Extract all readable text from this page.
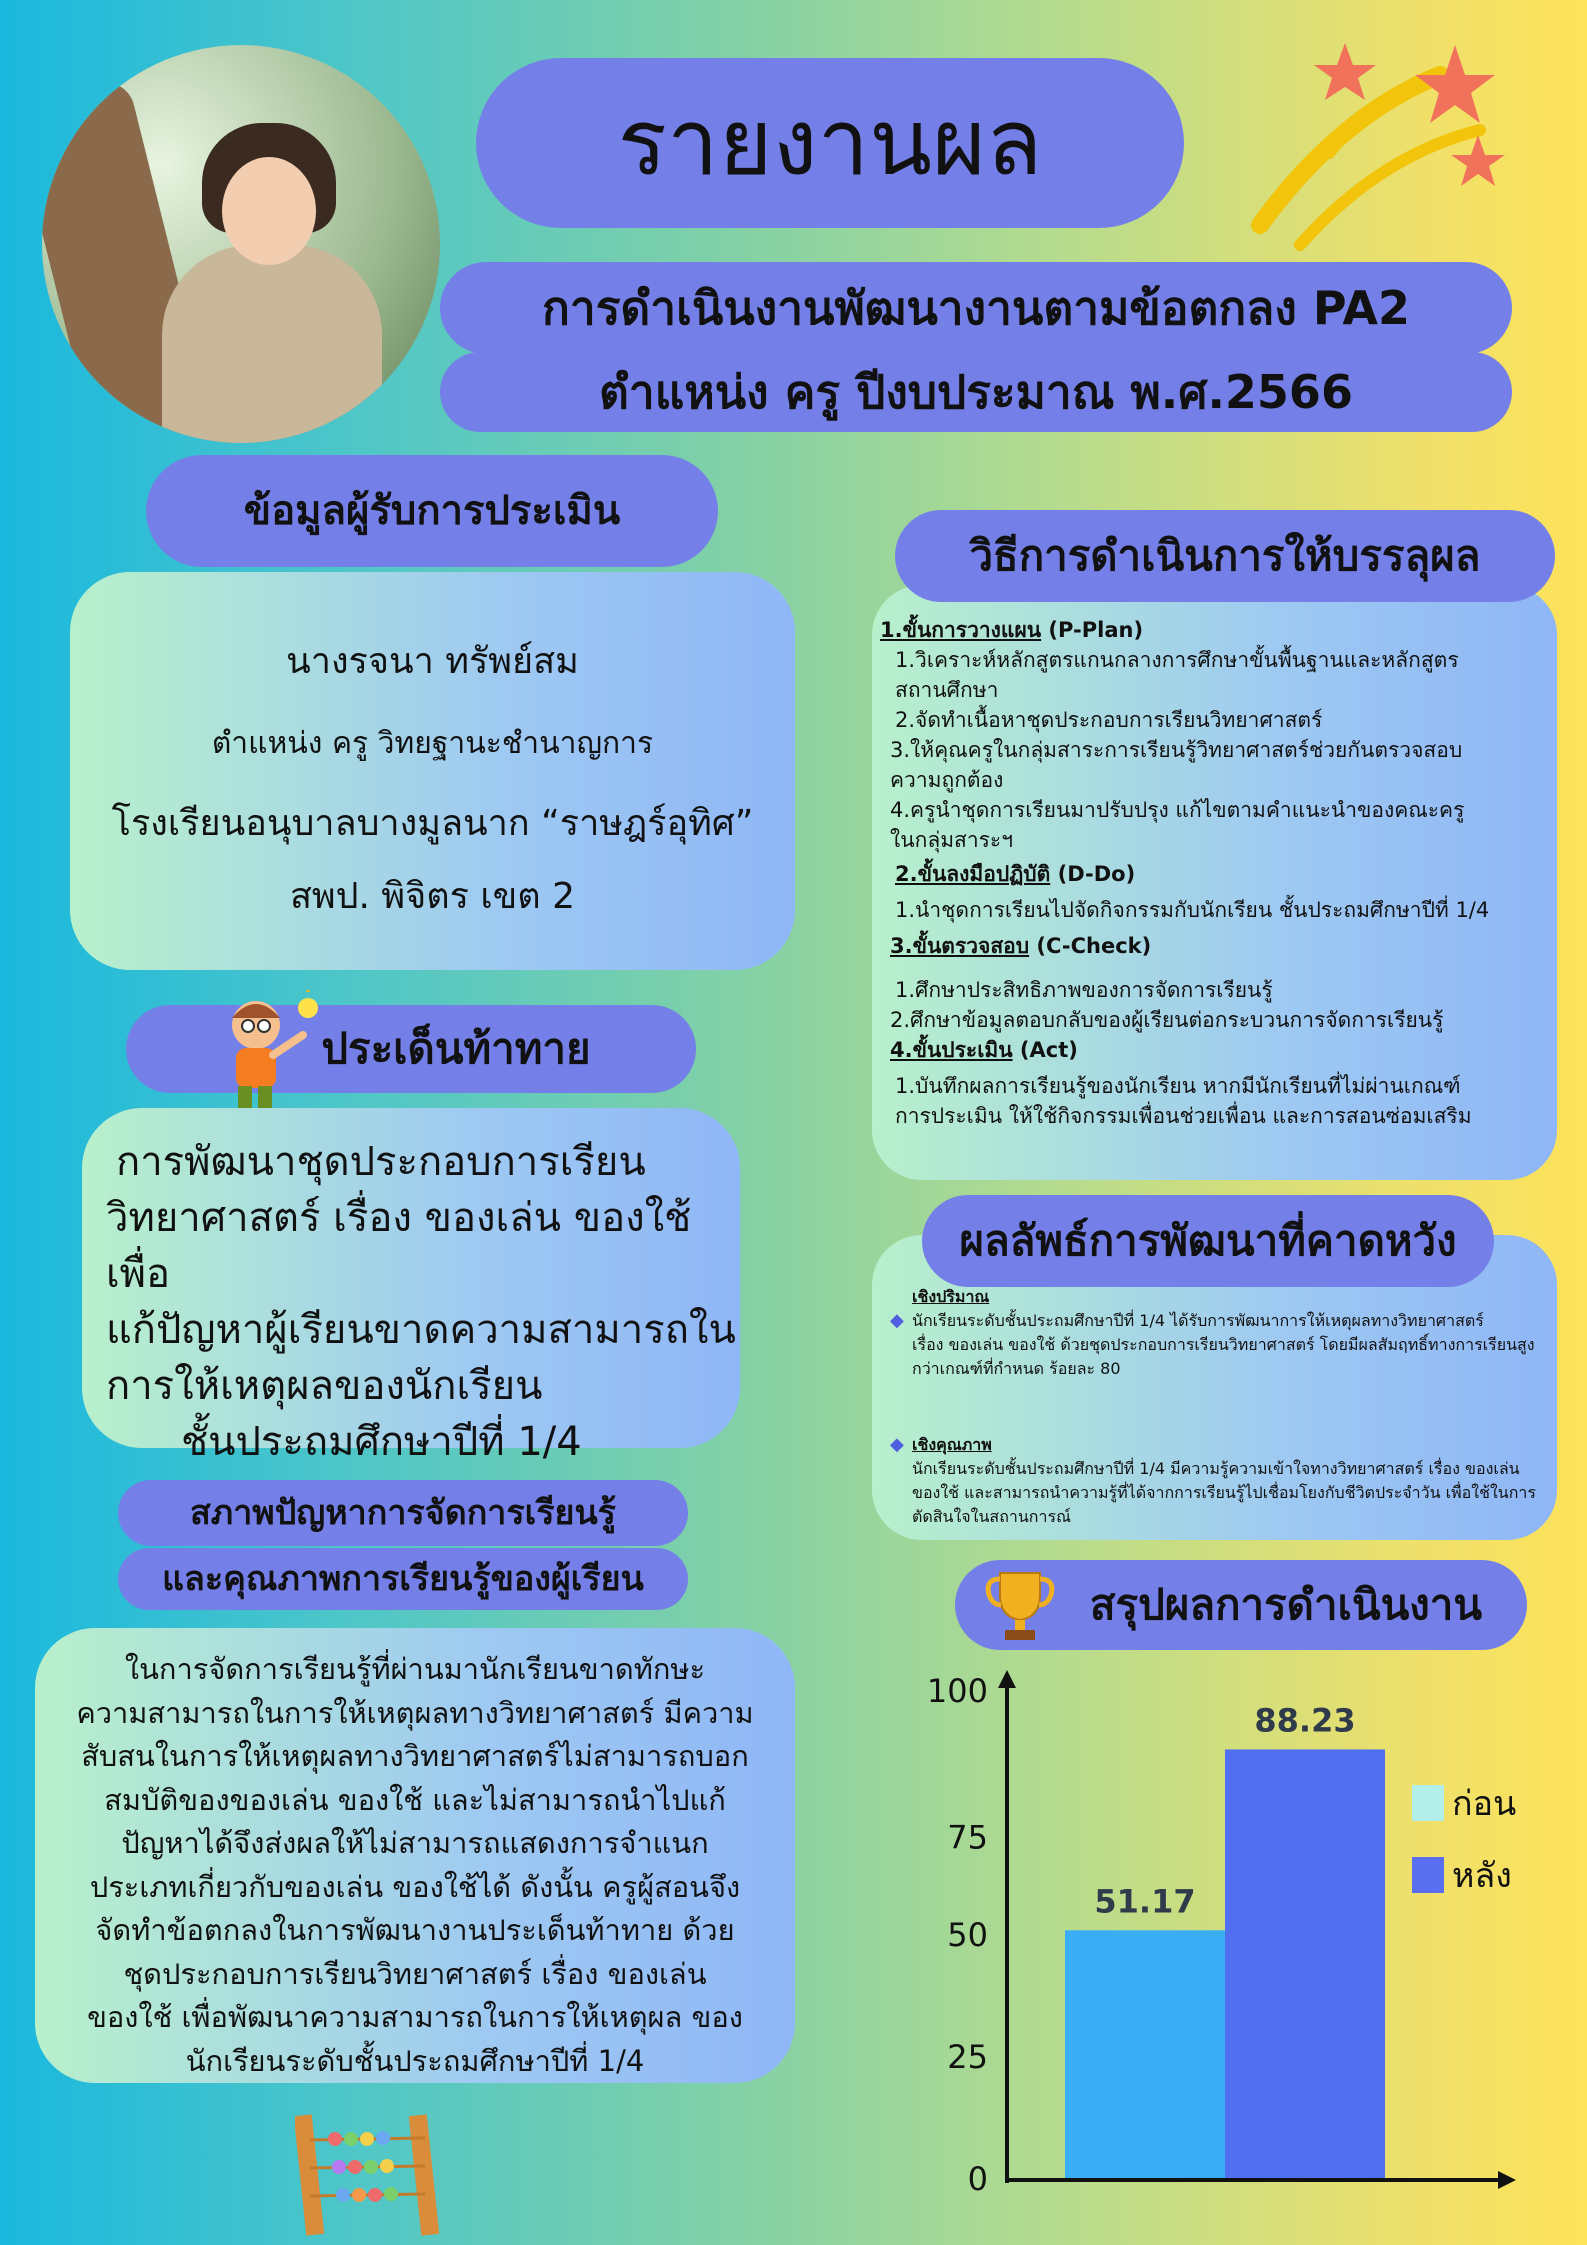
รายงานผล
การดำเนินงานพัฒนางานตามข้อตกลง PA2
ตำแหน่ง ครู ปีงบประมาณ พ.ศ.2566
ข้อมูลผู้รับการประเมิน
นางรจนา ทรัพย์สม
ตำแหน่ง ครู วิทยฐานะชำนาญการ
โรงเรียนอนุบาลบางมูลนาก “ราษฎร์อุทิศ”
สพป. พิจิตร เขต 2
ประเด็นท้าทาย
การพัฒนาชุดประกอบการเรียน
วิทยาศาสตร์ เรื่อง ของเล่น ของใช้เพื่อ
แก้ปัญหาผู้เรียนขาดความสามารถใน
การให้เหตุผลของนักเรียน
ชั้นประถมศึกษาปีที่ 1/4
สภาพปัญหาการจัดการเรียนรู้
และคุณภาพการเรียนรู้ของผู้เรียน
ในการจัดการเรียนรู้ที่ผ่านมานักเรียนขาดทักษะ
ความสามารถในการให้เหตุผลทางวิทยาศาสตร์ มีความ
สับสนในการให้เหตุผลทางวิทยาศาสตร์ไม่สามารถบอก
สมบัติของของเล่น ของใช้ และไม่สามารถนำไปแก้
ปัญหาได้จึงส่งผลให้ไม่สามารถแสดงการจำแนก
ประเภทเกี่ยวกับของเล่น ของใช้ได้ ดังนั้น ครูผู้สอนจึง
จัดทำข้อตกลงในการพัฒนางานประเด็นท้าทาย ด้วย
ชุดประกอบการเรียนวิทยาศาสตร์ เรื่อง ของเล่น
ของใช้ เพื่อพัฒนาความสามารถในการให้เหตุผล ของ
นักเรียนระดับชั้นประถมศึกษาปีที่ 1/4
1.ขั้นการวางแผน (P-Plan)
1.วิเคราะห์หลักสูตรแกนกลางการศึกษาขั้นพื้นฐานและหลักสูตร
สถานศึกษา
2.จัดทำเนื้อหาชุดประกอบการเรียนวิทยาศาสตร์
3.ให้คุณครูในกลุ่มสาระการเรียนรู้วิทยาศาสตร์ช่วยกันตรวจสอบ
ความถูกต้อง
4.ครูนำชุดการเรียนมาปรับปรุง แก้ไขตามคำแนะนำของคณะครู
ในกลุ่มสาระฯ
2.ขั้นลงมือปฏิบัติ (D-Do)
1.นำชุดการเรียนไปจัดกิจกรรมกับนักเรียน ชั้นประถมศึกษาปีที่ 1/4
3.ขั้นตรวจสอบ (C-Check)
1.ศึกษาประสิทธิภาพของการจัดการเรียนรู้
2.ศึกษาข้อมูลตอบกลับของผู้เรียนต่อกระบวนการจัดการเรียนรู้
4.ขั้นประเมิน (Act)
1.บันทึกผลการเรียนรู้ของนักเรียน หากมีนักเรียนที่ไม่ผ่านเกณฑ์
การประเมิน ให้ใช้กิจกรรมเพื่อนช่วยเพื่อน และการสอนซ่อมเสริม
วิธีการดำเนินการให้บรรลุผล
เชิงปริมาณ
◆ นักเรียนระดับชั้นประถมศึกษาปีที่ 1/4 ได้รับการพัฒนาการให้เหตุผลทางวิทยาศาสตร์
เรื่อง ของเล่น ของใช้ ด้วยชุดประกอบการเรียนวิทยาศาสตร์ โดยมีผลสัมฤทธิ์ทางการเรียนสูง
กว่าเกณฑ์ที่กำหนด ร้อยละ 80
◆ เชิงคุณภาพ
นักเรียนระดับชั้นประถมศึกษาปีที่ 1/4 มีความรู้ความเข้าใจทางวิทยาศาสตร์ เรื่อง ของเล่น
ของใช้ และสามารถนำความรู้ที่ได้จากการเรียนรู้ไปเชื่อมโยงกับชีวิตประจำวัน เพื่อใช้ในการ
ตัดสินใจในสถานการณ์
ผลลัพธ์การพัฒนาที่คาดหวัง
สรุปผลการดำเนินงาน
0
25
50
75
100
51.17
88.23
ก่อน
หลัง
